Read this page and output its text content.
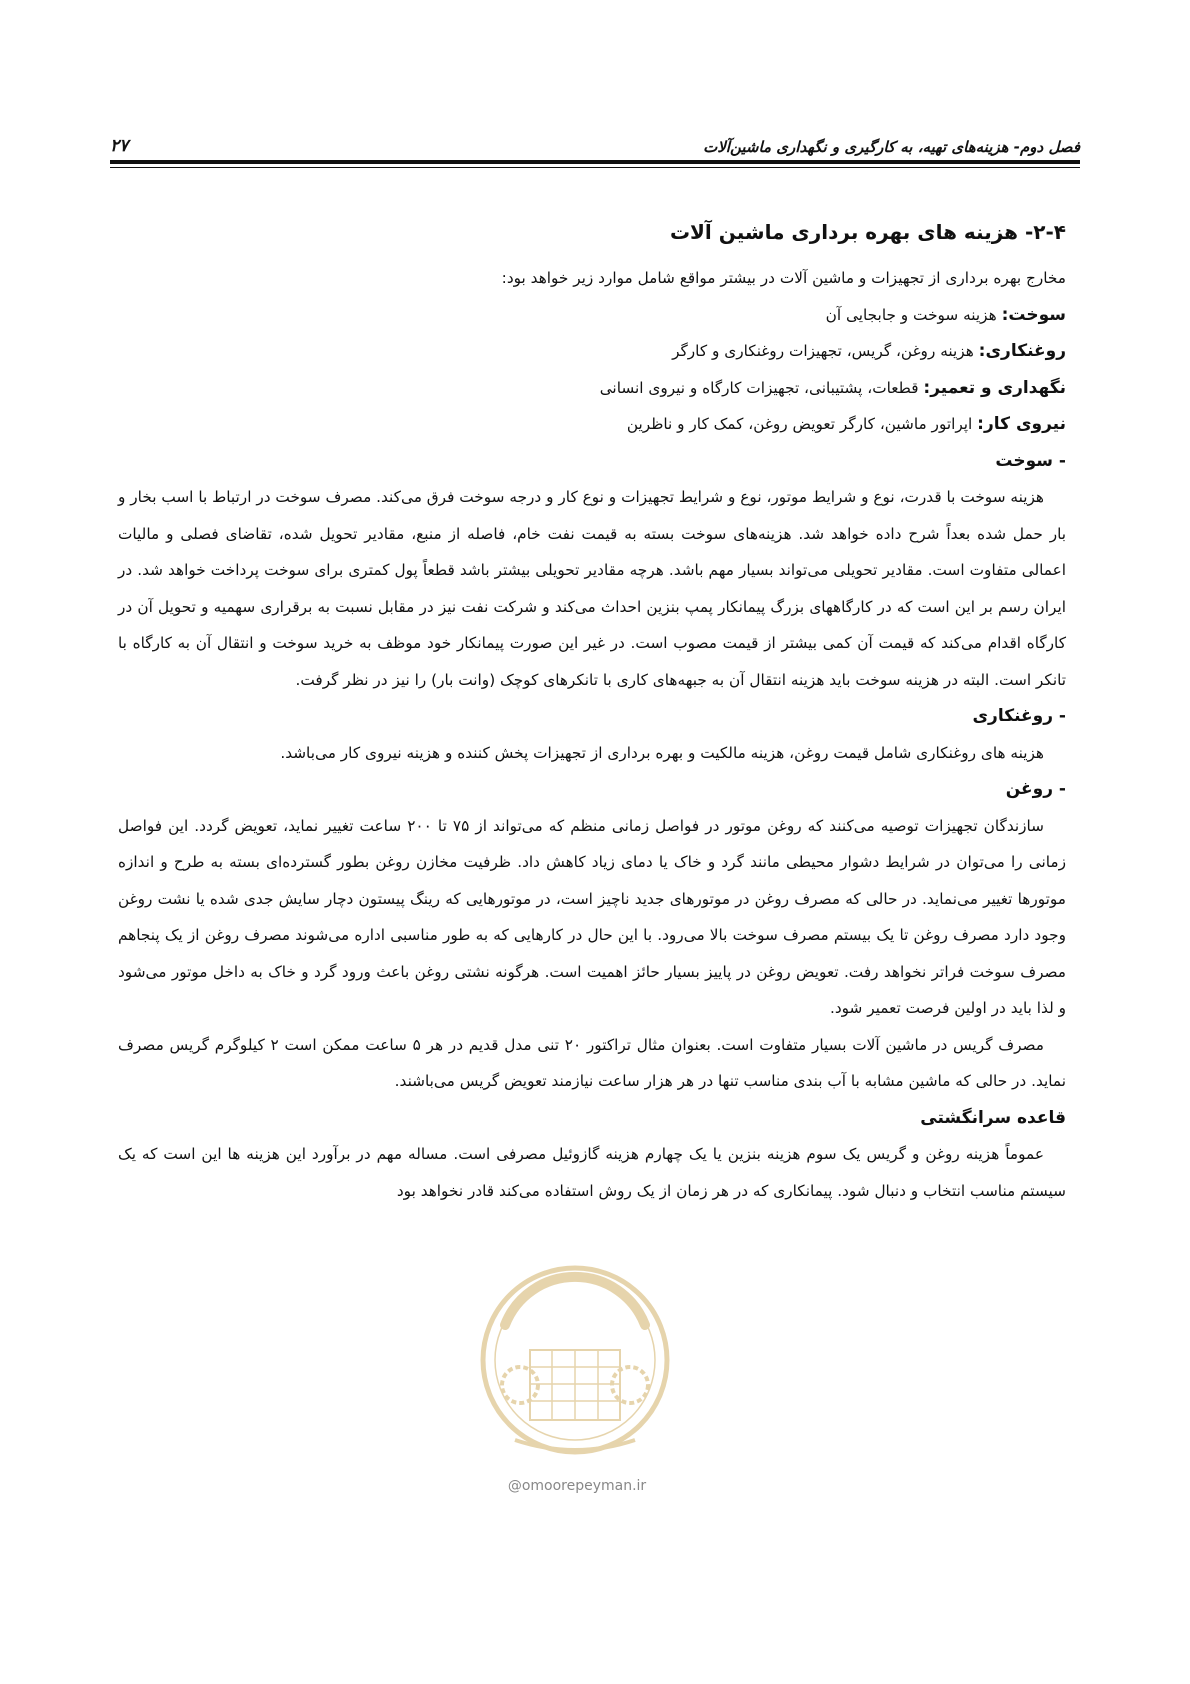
۲۷	فصل دوم- هزینه‌های تهیه، به کارگیری و نگهداری ماشین‌آلات
۲-۴- هزینه های بهره برداری ماشین آلات

مخارج بهره برداری از تجهیزات و ماشین آلات در بیشتر مواقع شامل موارد زیر خواهد بود:

سوخت: هزینه سوخت و جابجایی آن

روغنکاری: هزینه روغن، گریس، تجهیزات روغنکاری و کارگر

نگهداری و تعمیر: قطعات، پشتیبانی، تجهیزات کارگاه و نیروی انسانی

نیروی کار: اپراتور ماشین، کارگر تعویض روغن، کمک کار و ناظرین

- سوخت

هزینه سوخت با قدرت، نوع و شرایط موتور، نوع و شرایط تجهیزات و نوع کار و درجه سوخت فرق می‌کند. مصرف سوخت در ارتباط با اسب بخار و بار حمل شده بعداً شرح داده خواهد شد. هزینه‌های سوخت بسته به قیمت نفت خام، فاصله از منبع، مقادیر تحویل شده، تقاضای فصلی و مالیات اعمالی متفاوت است. مقادیر تحویلی می‌تواند بسیار مهم باشد. هرچه مقادیر تحویلی بیشتر باشد قطعاً پول کمتری برای سوخت پرداخت خواهد شد. در ایران رسم بر این است که در کارگاههای بزرگ پیمانکار پمپ بنزین احداث می‌کند و شرکت نفت نیز در مقابل نسبت به برقراری سهمیه و تحویل آن در کارگاه اقدام می‌کند که قیمت آن کمی بیشتر از قیمت مصوب است. در غیر این صورت پیمانکار خود موظف به خرید سوخت و انتقال آن به کارگاه با تانکر است. البته در هزینه سوخت باید هزینه انتقال آن به جبهه‌های کاری با تانکرهای کوچک (وانت بار) را نیز در نظر گرفت.

- روغنکاری

هزینه های روغنکاری شامل قیمت روغن، هزینه مالکیت و بهره برداری از تجهیزات پخش کننده و هزینه نیروی کار می‌باشد.

- روغن

سازندگان تجهیزات توصیه می‌کنند که روغن موتور در فواصل زمانی منظم که می‌تواند از ۷۵ تا ۲۰۰ ساعت تغییر نماید، تعویض گردد. این فواصل زمانی را می‌توان در شرایط دشوار محیطی مانند گرد و خاک یا دمای زیاد کاهش داد. ظرفیت مخازن روغن بطور گسترده‌ای بسته به طرح و اندازه موتورها تغییر می‌نماید. در حالی که مصرف روغن در موتورهای جدید ناچیز است، در موتورهایی که رینگ پیستون دچار سایش جدی شده یا نشت روغن وجود دارد مصرف روغن تا یک بیستم مصرف سوخت بالا می‌رود. با این حال در کارهایی که به طور مناسبی اداره می‌شوند مصرف روغن از یک پنجاهم مصرف سوخت فراتر نخواهد رفت. تعویض روغن در پاییز بسیار حائز اهمیت است. هرگونه نشتی روغن باعث ورود گرد و خاک به داخل موتور می‌شود و لذا باید در اولین فرصت تعمیر شود.

مصرف گریس در ماشین آلات بسیار متفاوت است. بعنوان مثال تراکتور ۲۰ تنی مدل قدیم در هر ۵ ساعت ممکن است ۲ کیلوگرم گریس مصرف نماید. در حالی که ماشین مشابه با آب بندی مناسب تنها در هر هزار ساعت نیازمند تعویض گریس می‌باشند.

قاعده سرانگشتی

عموماً هزینه روغن و گریس یک سوم هزینه بنزین یا یک چهارم هزینه گازوئیل مصرفی است. مساله مهم در برآورد این هزینه ها این است که یک سیستم مناسب انتخاب و دنبال شود. پیمانکاری که در هر زمان از یک روش استفاده می‌کند قادر نخواهد بود

@omoorepeyman.ir
